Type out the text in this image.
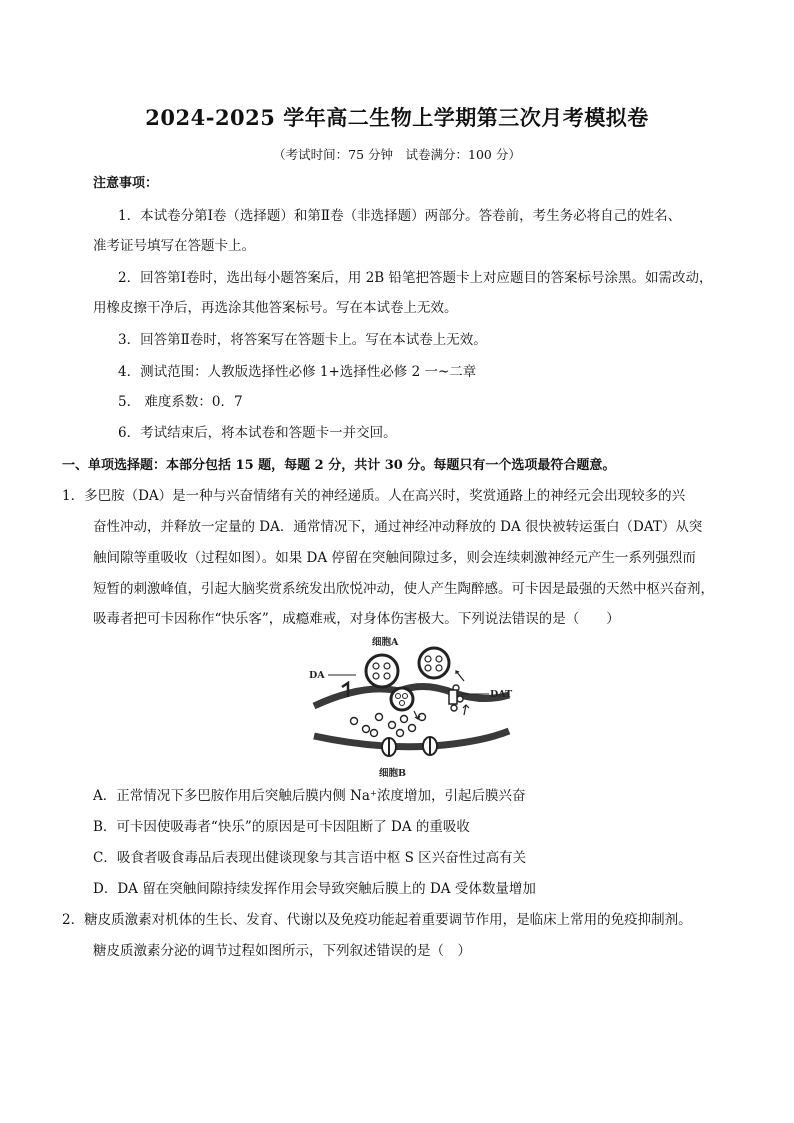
2024-2025 学年高二生物上学期第三次月考模拟卷
（考试时间：75 分钟　试卷满分：100 分）
注意事项：
1．本试卷分第Ⅰ卷（选择题）和第Ⅱ卷（非选择题）两部分。答卷前，考生务必将自己的姓名、
准考证号填写在答题卡上。
2．回答第Ⅰ卷时，选出每小题答案后，用 2B 铅笔把答题卡上对应题目的答案标号涂黑。如需改动，
用橡皮擦干净后，再选涂其他答案标号。写在本试卷上无效。
3．回答第Ⅱ卷时，将答案写在答题卡上。写在本试卷上无效。
4．测试范围：人教版选择性必修 1+选择性必修 2 一~二章
5． 难度系数：0．7
6．考试结束后，将本试卷和答题卡一并交回。
一、单项选择题：本部分包括 15 题，每题 2 分，共计 30 分。每题只有一个选项最符合题意。
1．多巴胺（DA）是一种与兴奋情绪有关的神经递质。人在高兴时，奖赏通路上的神经元会出现较多的兴
奋性冲动，并释放一定量的 DA．通常情况下，通过神经冲动释放的 DA 很快被转运蛋白（DAT）从突
触间隙等重吸收（过程如图）。如果 DA 停留在突触间隙过多，则会连续刺激神经元产生一系列强烈而
短暂的刺激峰值，引起大脑奖赏系统发出欣悦冲动，使人产生陶醉感。可卡因是最强的天然中枢兴奋剂，
吸毒者把可卡因称作“快乐客”，成瘾难戒，对身体伤害极大。下列说法错误的是（　　）
细胞A
DA
DAT
细胞B
A．正常情况下多巴胺作用后突触后膜内侧 Na⁺浓度增加，引起后膜兴奋
B．可卡因使吸毒者“快乐”的原因是可卡因阻断了 DA 的重吸收
C．吸食者吸食毒品后表现出健谈现象与其言语中枢 S 区兴奋性过高有关
D．DA 留在突触间隙持续发挥作用会导致突触后膜上的 DA 受体数量增加
2．糖皮质激素对机体的生长、发育、代谢以及免疫功能起着重要调节作用，是临床上常用的免疫抑制剂。
糖皮质激素分泌的调节过程如图所示，下列叙述错误的是（　）
